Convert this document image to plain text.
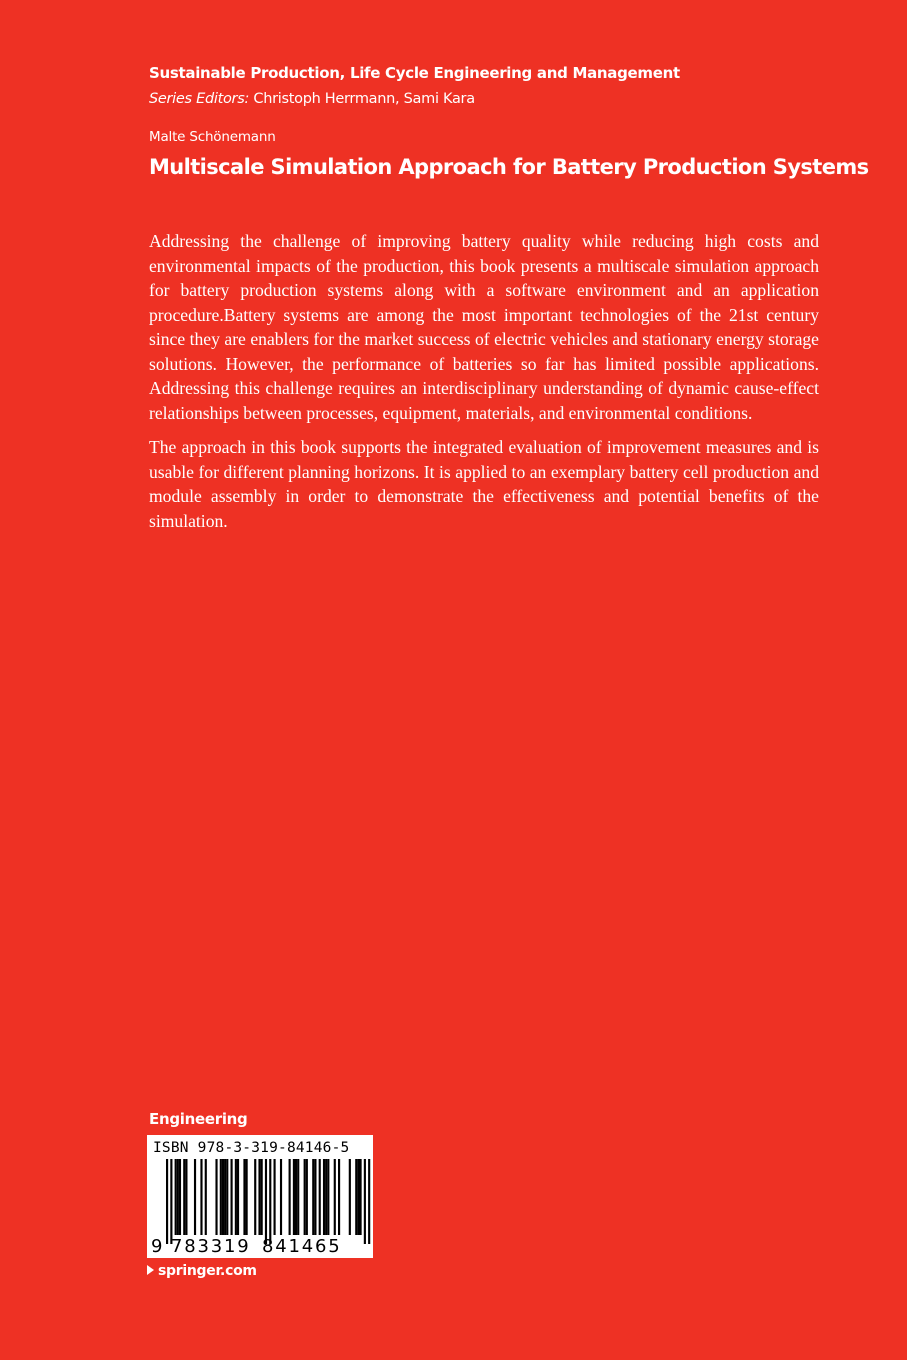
Sustainable Production, Life Cycle Engineering and Management
Series Editors: Christoph Herrmann, Sami Kara
Malte Schönemann
Multiscale Simulation Approach for Battery Production Systems

Addressing the challenge of improving battery quality while reducing high costs and environmental impacts of the production, this book presents a multiscale simulation approach for battery production systems along with a software environment and an application procedure.Battery systems are among the most important technologies of the 21st century since they are enablers for the market success of electric vehicles and stationary energy storage solutions. However, the performance of batteries so far has limited possible applications. Addressing this challenge requires an interdisciplinary understanding of dynamic cause-effect relationships between processes, equipment, materials, and environmental conditions.

The approach in this book supports the integrated evaluation of improvement measures and is usable for different planning horizons. It is applied to an exemplary battery cell production and module assembly in order to demonstrate the effectiveness and potential benefits of the simulation.

Engineering
ISBN 978-3-319-84146-5
9 783319 841465
springer.com
